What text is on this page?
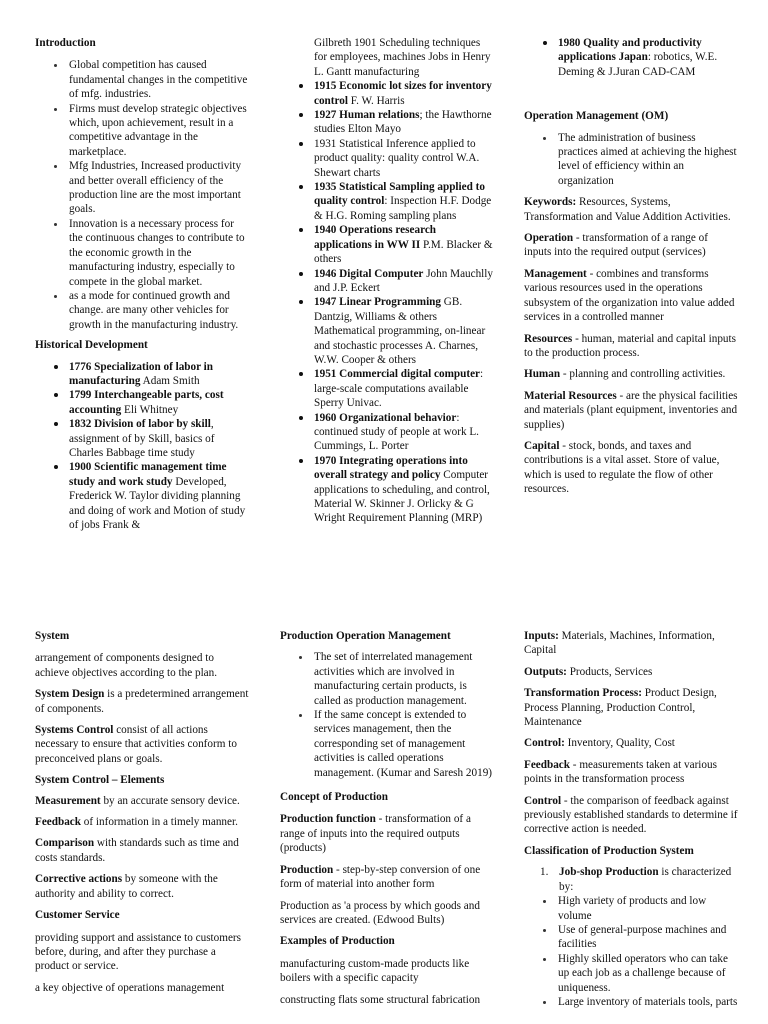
Introduction
Global competition has caused fundamental changes in the competitive of mfg. industries.
Firms must develop strategic objectives which, upon achievement, result in a competitive advantage in the marketplace.
Mfg Industries, Increased productivity and better overall efficiency of the production line are the most important goals.
Innovation is a necessary process for the continuous changes to contribute to the economic growth in the manufacturing industry, especially to compete in the global market.
as a mode for continued growth and change. are many other vehicles for growth in the manufacturing industry.
Historical Development
1776 Specialization of labor in manufacturing Adam Smith
1799 Interchangeable parts, cost accounting Eli Whitney
1832 Division of labor by skill, assignment of by Skill, basics of Charles Babbage time study
1900 Scientific management time study and work study Developed, Frederick W. Taylor dividing planning and doing of work and Motion of study of jobs Frank &
Gilbreth 1901 Scheduling techniques for employees, machines Jobs in Henry L. Gantt manufacturing
1915 Economic lot sizes for inventory control F. W. Harris
1927 Human relations; the Hawthorne studies Elton Mayo
1931 Statistical Inference applied to product quality: quality control W.A. Shewart charts
1935 Statistical Sampling applied to quality control: Inspection H.F. Dodge & H.G. Roming sampling plans
1940 Operations research applications in WW II P.M. Blacker & others
1946 Digital Computer John Mauchlly and J.P. Eckert
1947 Linear Programming GB. Dantzig, Williams & others Mathematical programming, on-linear and stochastic processes A. Charnes, W.W. Cooper & others
1951 Commercial digital computer: large-scale computations available Sperry Univac.
1960 Organizational behavior: continued study of people at work L. Cummings, L. Porter
1970 Integrating operations into overall strategy and policy Computer applications to scheduling, and control, Material W. Skinner J. Orlicky & G Wright Requirement Planning (MRP)
1980 Quality and productivity applications Japan: robotics, W.E. Deming & J.Juran CAD-CAM
Operation Management (OM)
The administration of business practices aimed at achieving the highest level of efficiency within an organization

Keywords: Resources, Systems, Transformation and Value Addition Activities.

Operation - transformation of a range of inputs into the required output (services)

Management - combines and transforms various resources used in the operations subsystem of the organization into value added services in a controlled manner

Resources - human, material and capital inputs to the production process.

Human - planning and controlling activities.

Material Resources - are the physical facilities and materials (plant equipment, inventories and supplies)

Capital - stock, bonds, and taxes and contributions is a vital asset. Store of value, which is used to regulate the flow of other resources.

System

arrangement of components designed to achieve objectives according to the plan.

System Design is a predetermined arrangement of components.

Systems Control consist of all actions necessary to ensure that activities conform to preconceived plans or goals.

System Control – Elements

Measurement by an accurate sensory device.

Feedback of information in a timely manner.

Comparison with standards such as time and costs standards.

Corrective actions by someone with the authority and ability to correct.

Customer Service

providing support and assistance to customers before, during, and after they purchase a product or service.

a key objective of operations management

Production Operation Management
The set of interrelated management activities which are involved in manufacturing certain products, is called as production management.
If the same concept is extended to services management, then the corresponding set of management activities is called operations management. (Kumar and Saresh 2019)
Concept of Production

Production function - transformation of a range of inputs into the required outputs (products)

Production - step-by-step conversion of one form of material into another form

Production as 'a process by which goods and services are created. (Edwood Bults)

Examples of Production

manufacturing custom-made products like boilers with a specific capacity

constructing flats some structural fabrication

Inputs: Materials, Machines, Information, Capital

Outputs: Products, Services

Transformation Process: Product Design, Process Planning, Production Control, Maintenance

Control: Inventory, Quality, Cost

Feedback - measurements taken at various points in the transformation process

Control - the comparison of feedback against previously established standards to determine if corrective action is needed.

Classification of Production System
1. Job-shop Production is characterized by:
High variety of products and low volume
Use of general-purpose machines and facilities
Highly skilled operators who can take up each job as a challenge because of uniqueness.
Large inventory of materials tools, parts
